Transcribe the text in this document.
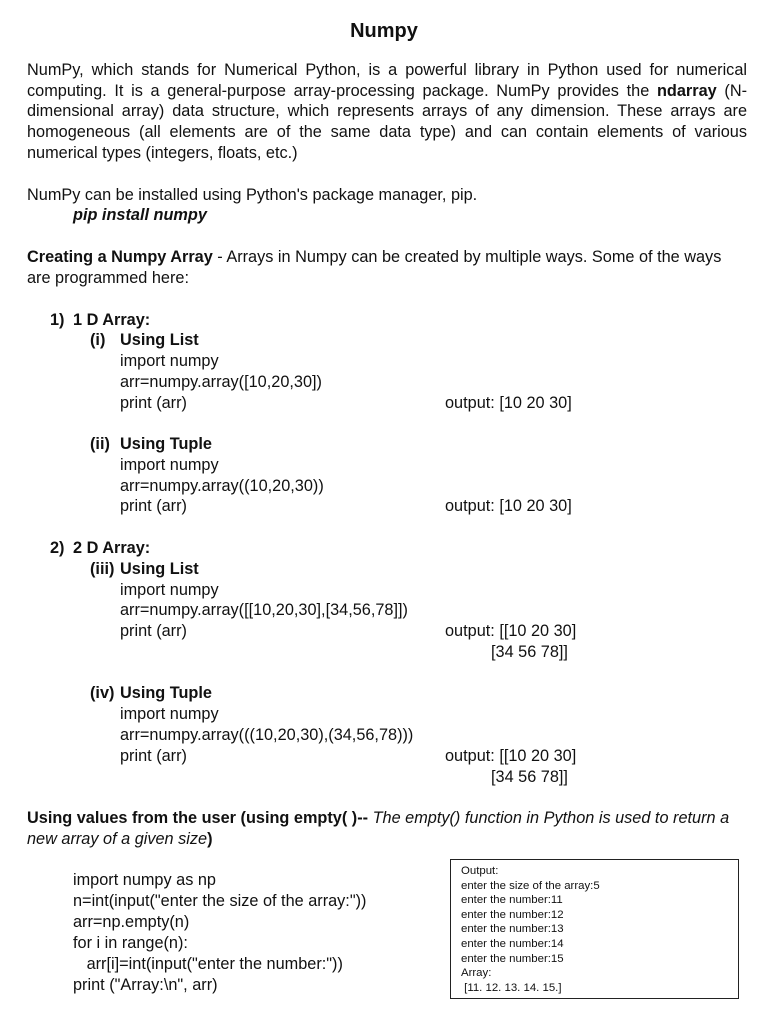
Numpy
NumPy, which stands for Numerical Python, is a powerful library in Python used for numerical computing. It is a general-purpose array-processing package. NumPy provides the ndarray (N-dimensional array) data structure, which represents arrays of any dimension. These arrays are homogeneous (all elements are of the same data type) and can contain elements of various numerical types (integers, floats, etc.)
NumPy can be installed using Python's package manager, pip.
pip install numpy
Creating a Numpy Array - Arrays in Numpy can be created by multiple ways. Some of the ways are programmed here:
1) 1 D Array:
(i) Using List
import numpy
arr=numpy.array([10,20,30])
print (arr)	output: [10 20 30]
(ii) Using Tuple
import numpy
arr=numpy.array((10,20,30))
print (arr)	output: [10 20 30]
2) 2 D Array:
(iii) Using List
import numpy
arr=numpy.array([[10,20,30],[34,56,78]])
print (arr)	output: [[10 20 30]
[34 56 78]]
(iv) Using Tuple
import numpy
arr=numpy.array(((10,20,30),(34,56,78)))
print (arr)	output: [[10 20 30]
[34 56 78]]
Using values from the user (using empty( )-- The empty() function in Python is used to return a new array of a given size)
import numpy as np
n=int(input("enter the size of the array:"))
arr=np.empty(n)
for i in range(n):
arr[i]=int(input("enter the number:"))
print ("Array:\n", arr)
Output:
enter the size of the array:5
enter the number:11
enter the number:12
enter the number:13
enter the number:14
enter the number:15
Array:
[11. 12. 13. 14. 15.]
